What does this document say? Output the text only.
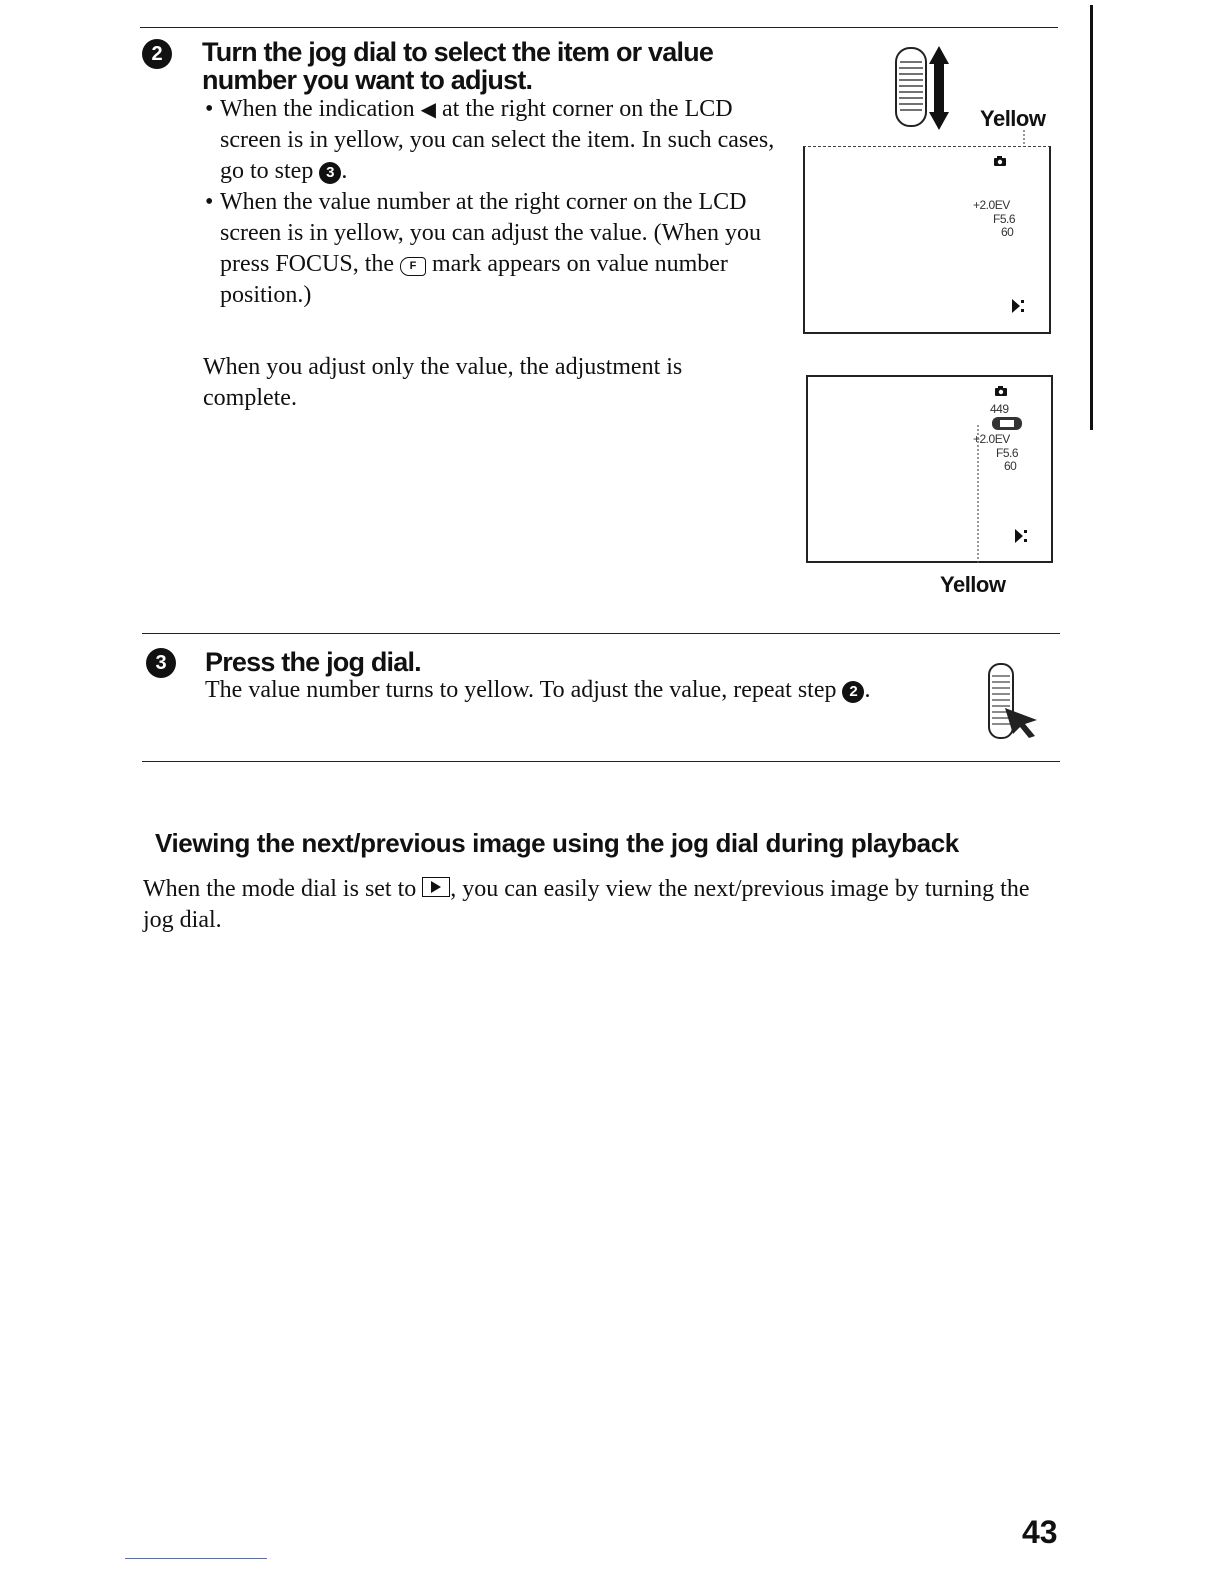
2	Turn the jog dial to select the item or value
number you want to adjust.
• When the indication ◀ at the right corner on the LCD screen is in yellow, you can select the item. In such cases, go to step 3 .
• When the value number at the right corner on the LCD screen is in yellow, you can adjust the value. (When you press FOCUS, the F mark appears on value number position.)
When you adjust only the value, the adjustment is complete.
Yellow
+2.0EV
F5.6
60
449
+2.0EV
F5.6
60
Yellow
3	Press the jog dial.
The value number turns to yellow. To adjust the value, repeat step 2 .
Viewing the next/previous image using the jog dial during playback
When the mode dial is set to , you can easily view the next/previous image by turning the jog dial.
43
